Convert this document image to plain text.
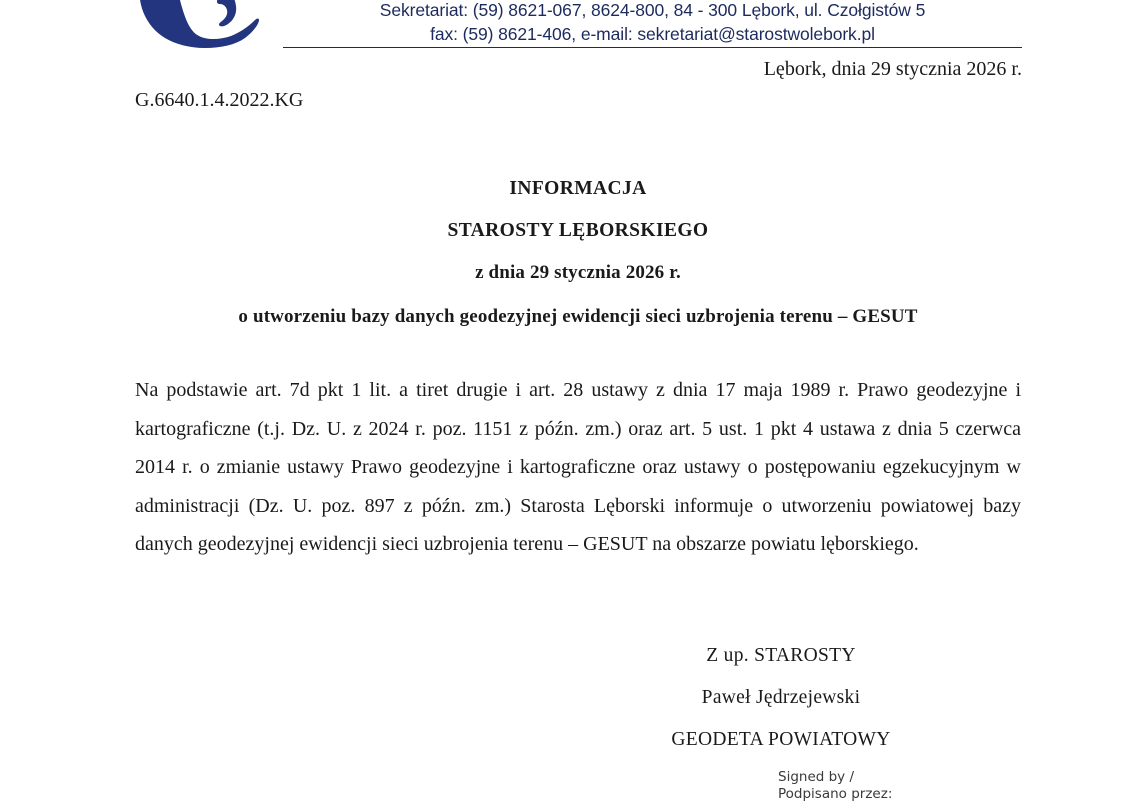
Sekretariat: (59) 8621-067, 8624-800, 84 - 300 Lębork, ul. Czołgistów 5
fax: (59) 8621-406, e-mail: sekretariat@starostwolebork.pl
Lębork, dnia 29 stycznia 2026 r.
G.6640.1.4.2022.KG
INFORMACJA
STAROSTY LĘBORSKIEGO
z dnia 29 stycznia 2026 r.
o utworzeniu bazy danych geodezyjnej ewidencji sieci uzbrojenia terenu – GESUT

Na podstawie art. 7d pkt 1 lit. a tiret drugie i art. 28 ustawy z dnia 17 maja 1989 r. Prawo geodezyjne i kartograficzne (t.j. Dz. U. z 2024 r. poz. 1151 z późn. zm.) oraz art. 5 ust. 1 pkt 4 ustawa z dnia 5 czerwca 2014 r. o zmianie ustawy Prawo geodezyjne i kartograficzne oraz ustawy o postępowaniu egzekucyjnym w administracji (Dz. U. poz. 897 z późn. zm.) Starosta Lęborski informuje o utworzeniu powiatowej bazy danych geodezyjnej ewidencji sieci uzbrojenia terenu – GESUT na obszarze powiatu lęborskiego.

Z up. STAROSTY
Paweł Jędrzejewski
GEODETA POWIATOWY
Signed by /
Podpisano przez:
